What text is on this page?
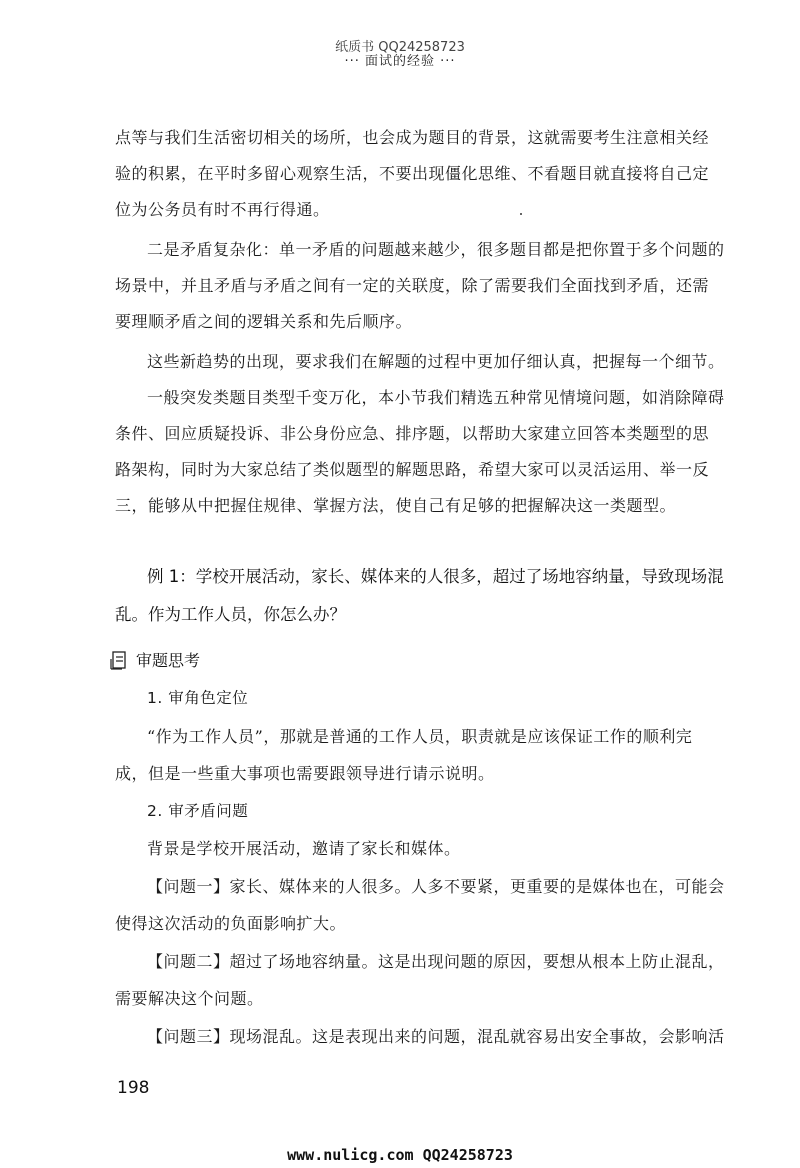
纸质书 QQ24258723
··· 面试的经验 ···

点等与我们生活密切相关的场所，也会成为题目的背景，这就需要考生注意相关经验的积累，在平时多留心观察生活，不要出现僵化思维、不看题目就直接将自己定位为公务员有时不再行得通。

二是矛盾复杂化：单一矛盾的问题越来越少，很多题目都是把你置于多个问题的场景中，并且矛盾与矛盾之间有一定的关联度，除了需要我们全面找到矛盾，还需要理顺矛盾之间的逻辑关系和先后顺序。

这些新趋势的出现，要求我们在解题的过程中更加仔细认真，把握每一个细节。

一般突发类题目类型千变万化，本小节我们精选五种常见情境问题，如消除障碍条件、回应质疑投诉、非公身份应急、排序题，以帮助大家建立回答本类题型的思路架构，同时为大家总结了类似题型的解题思路，希望大家可以灵活运用、举一反三，能够从中把握住规律、掌握方法，使自己有足够的把握解决这一类题型。

例 1：学校开展活动，家长、媒体来的人很多，超过了场地容纳量，导致现场混乱。作为工作人员，你怎么办？
审题思考

1. 审角色定位

“作为工作人员”，那就是普通的工作人员，职责就是应该保证工作的顺利完成，但是一些重大事项也需要跟领导进行请示说明。

2. 审矛盾问题

背景是学校开展活动，邀请了家长和媒体。

【问题一】家长、媒体来的人很多。人多不要紧，更重要的是媒体也在，可能会使得这次活动的负面影响扩大。

【问题二】超过了场地容纳量。这是出现问题的原因，要想从根本上防止混乱，需要解决这个问题。

【问题三】现场混乱。这是表现出来的问题，混乱就容易出安全事故，会影响活

198
www.nulicg.com QQ24258723
